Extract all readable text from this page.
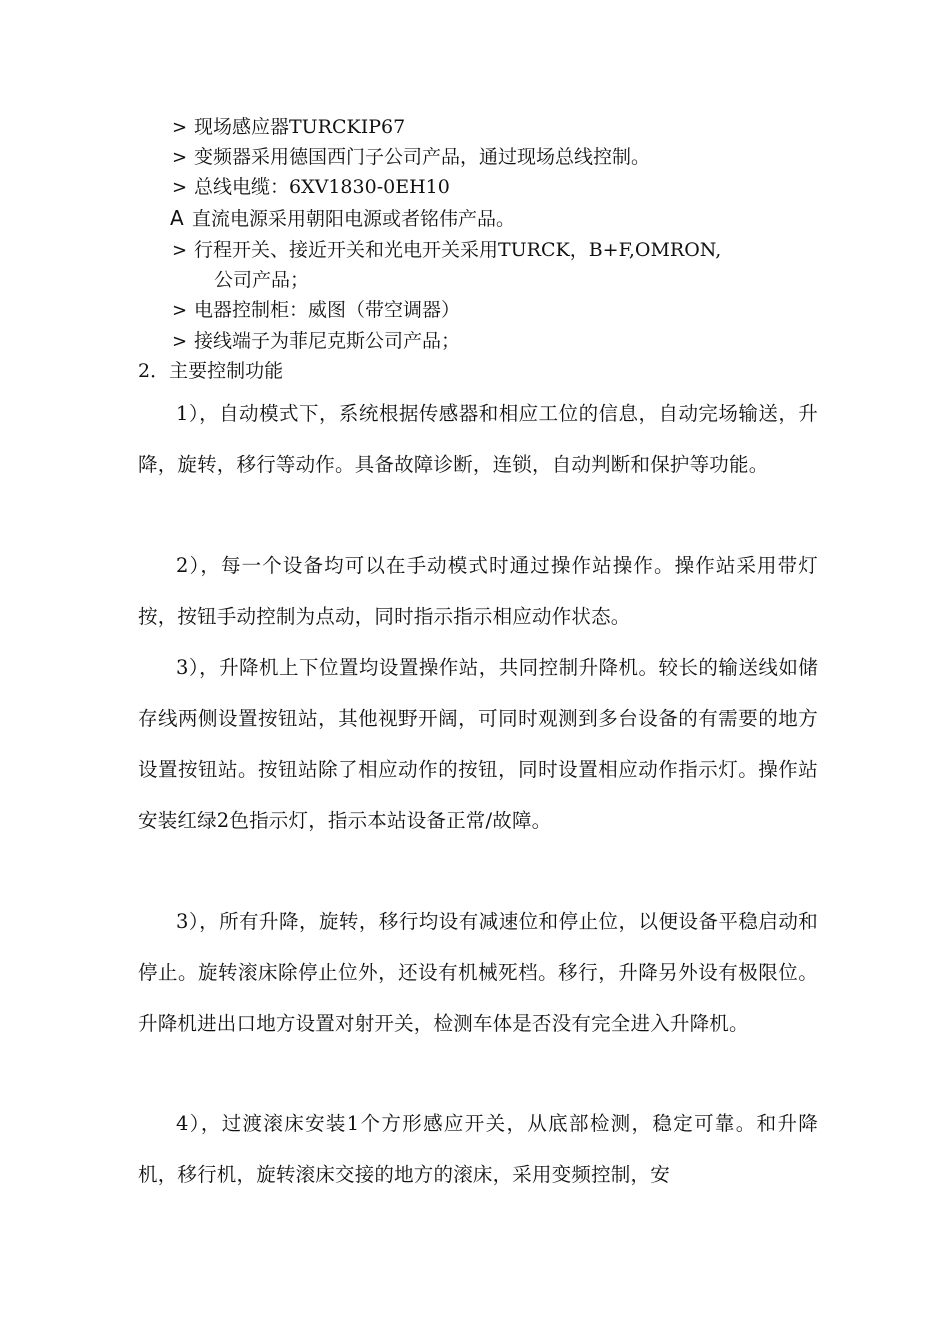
> 现场感应器TURCKIP67
> 变频器采用德国西门子公司产品，通过现场总线控制。
> 总线电缆：6XV1830-0EH10
A 直流电源采用朝阳电源或者铭伟产品。
> 行程开关、接近开关和光电开关采用TURCK，B+F,OMRON,
公司产品；
> 电器控制柜：威图（带空调器）
> 接线端子为菲尼克斯公司产品；
2．主要控制功能

1），自动模式下，系统根据传感器和相应工位的信息，自动完场输送，升降，旋转，移行等动作。具备故障诊断，连锁，自动判断和保护等功能。

2），每一个设备均可以在手动模式时通过操作站操作。操作站采用带灯按，按钮手动控制为点动，同时指示指示相应动作状态。

3），升降机上下位置均设置操作站，共同控制升降机。较长的输送线如储存线两侧设置按钮站，其他视野开阔，可同时观测到多台设备的有需要的地方设置按钮站。按钮站除了相应动作的按钮，同时设置相应动作指示灯。操作站安装红绿2色指示灯，指示本站设备正常/故障。

3），所有升降，旋转，移行均设有减速位和停止位，以便设备平稳启动和停止。旋转滚床除停止位外，还设有机械死档。移行，升降另外设有极限位。升降机进出口地方设置对射开关，检测车体是否没有完全进入升降机。

4），过渡滚床安装1个方形感应开关，从底部检测，稳定可靠。和升降机，移行机，旋转滚床交接的地方的滚床，采用变频控制，安
